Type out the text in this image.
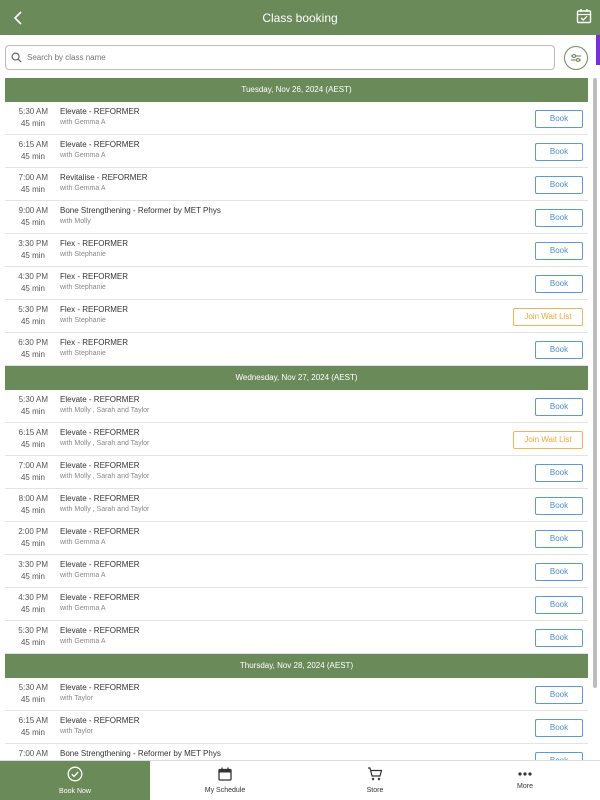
Class booking
Search by class name
Tuesday, Nov 26, 2024 (AEST)
5:30 AM
45 min
Elevate - REFORMER
with Gemma A	Book
6:15 AM
45 min
Elevate - REFORMER
with Gemma A	Book
7:00 AM
45 min
Revitalise - REFORMER
with Gemma A	Book
9:00 AM
45 min
Bone Strengthening - Reformer by MET Phys
with Molly	Book
3:30 PM
45 min
Flex - REFORMER
with Stephanie	Book
4:30 PM
45 min
Flex - REFORMER
with Stephanie	Book
5:30 PM
45 min
Flex - REFORMER
with Stephanie	Join Wait List
6:30 PM
45 min
Flex - REFORMER
with Stephanie	Book
Wednesday, Nov 27, 2024 (AEST)
5:30 AM
45 min
Elevate - REFORMER
with Molly , Sarah and Taylor	Book
6:15 AM
45 min
Elevate - REFORMER
with Molly , Sarah and Taylor	Join Wait List
7:00 AM
45 min
Elevate - REFORMER
with Molly , Sarah and Taylor	Book
8:00 AM
45 min
Elevate - REFORMER
with Molly , Sarah and Taylor	Book
2:00 PM
45 min
Elevate - REFORMER
with Gemma A	Book
3:30 PM
45 min
Elevate - REFORMER
with Gemma A	Book
4:30 PM
45 min
Elevate - REFORMER
with Gemma A	Book
5:30 PM
45 min
Elevate - REFORMER
with Gemma A	Book
Thursday, Nov 28, 2024 (AEST)
5:30 AM
45 min
Elevate - REFORMER
with Taylor	Book
6:15 AM
45 min
Elevate - REFORMER
with Taylor	Book
7:00 AM Bone Strengthening - Reformer by MET Phys
Book Now	My Schedule	Store
More
